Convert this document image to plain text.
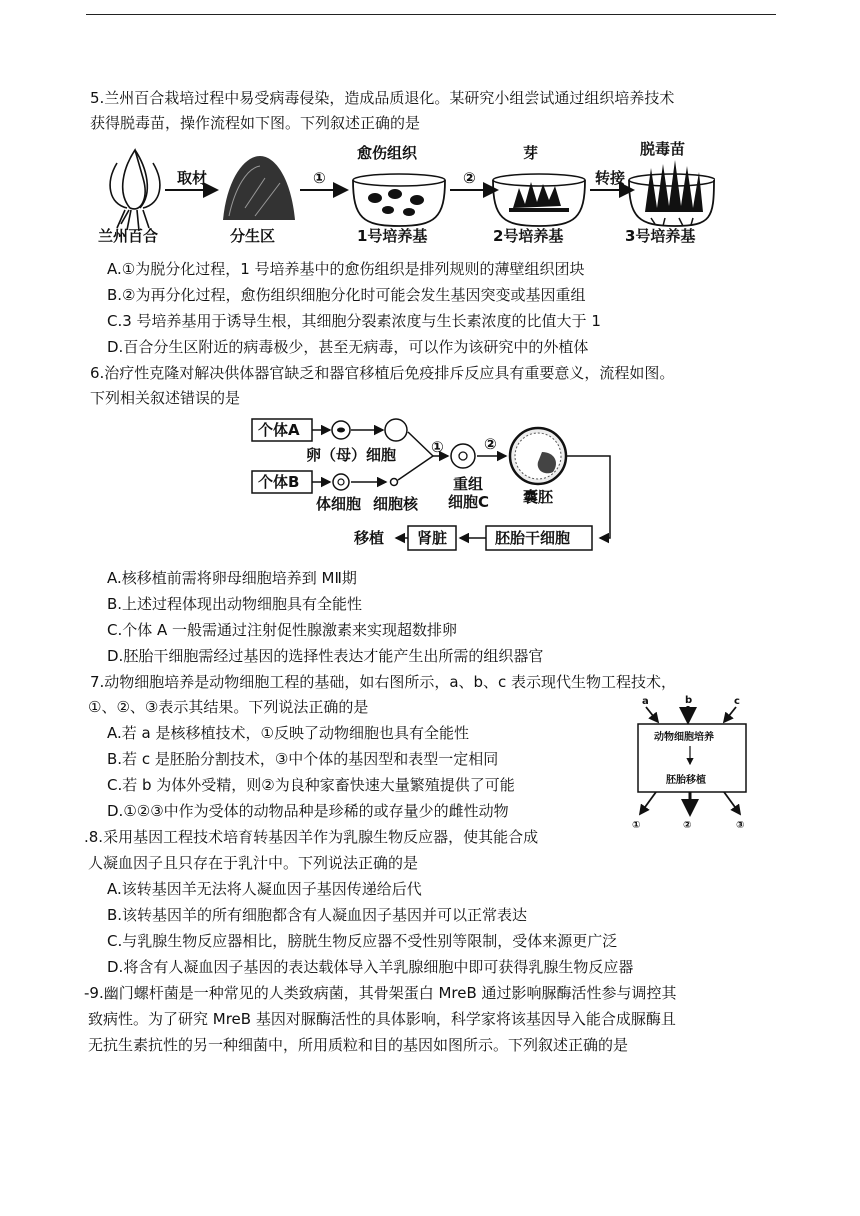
5.兰州百合栽培过程中易受病毒侵染，造成品质退化。某研究小组尝试通过组织培养技术
获得脱毒苗，操作流程如下图。下列叙述正确的是
兰州百合
取材
分生区
①
愈伤组织
1号培养基
②
芽
2号培养基
转接
脱毒苗
3号培养基
A.①为脱分化过程，1 号培养基中的愈伤组织是排列规则的薄壁组织团块
B.②为再分化过程，愈伤组织细胞分化时可能会发生基因突变或基因重组
C.3 号培养基用于诱导生根，其细胞分裂素浓度与生长素浓度的比值大于 1
D.百合分生区附近的病毒极少，甚至无病毒，可以作为该研究中的外植体
6.治疗性克隆对解决供体器官缺乏和器官移植后免疫排斥反应具有重要意义，流程如图。
下列相关叙述错误的是
个体A
卵（母）细胞
个体B
体细胞 细胞核
①
重组
细胞C
②
囊胚
胚胎干细胞
肾脏
移植
A.核移植前需将卵母细胞培养到 MⅡ期
B.上述过程体现出动物细胞具有全能性
C.个体 A 一般需通过注射促性腺激素来实现超数排卵
D.胚胎干细胞需经过基因的选择性表达才能产生出所需的组织器官
7.动物细胞培养是动物细胞工程的基础，如右图所示，a、b、c 表示现代生物工程技术，
①、②、③表示其结果。下列说法正确的是
A.若 a 是核移植技术，①反映了动物细胞也具有全能性
B.若 c 是胚胎分割技术，③中个体的基因型和表型一定相同
C.若 b 为体外受精，则②为良种家畜快速大量繁殖提供了可能
D.①②③中作为受体的动物品种是珍稀的或存量少的雌性动物
a	b	c
动物细胞培养
胚胎移植
①	②	③
.8.采用基因工程技术培育转基因羊作为乳腺生物反应器，使其能合成
人凝血因子且只存在于乳汁中。下列说法正确的是
A.该转基因羊无法将人凝血因子基因传递给后代
B.该转基因羊的所有细胞都含有人凝血因子基因并可以正常表达
C.与乳腺生物反应器相比，膀胱生物反应器不受性别等限制，受体来源更广泛
D.将含有人凝血因子基因的表达载体导入羊乳腺细胞中即可获得乳腺生物反应器
-9.幽门螺杆菌是一种常见的人类致病菌，其骨架蛋白 MreB 通过影响脲酶活性参与调控其
致病性。为了研究 MreB 基因对脲酶活性的具体影响，科学家将该基因导入能合成脲酶且
无抗生素抗性的另一种细菌中，所用质粒和目的基因如图所示。下列叙述正确的是
